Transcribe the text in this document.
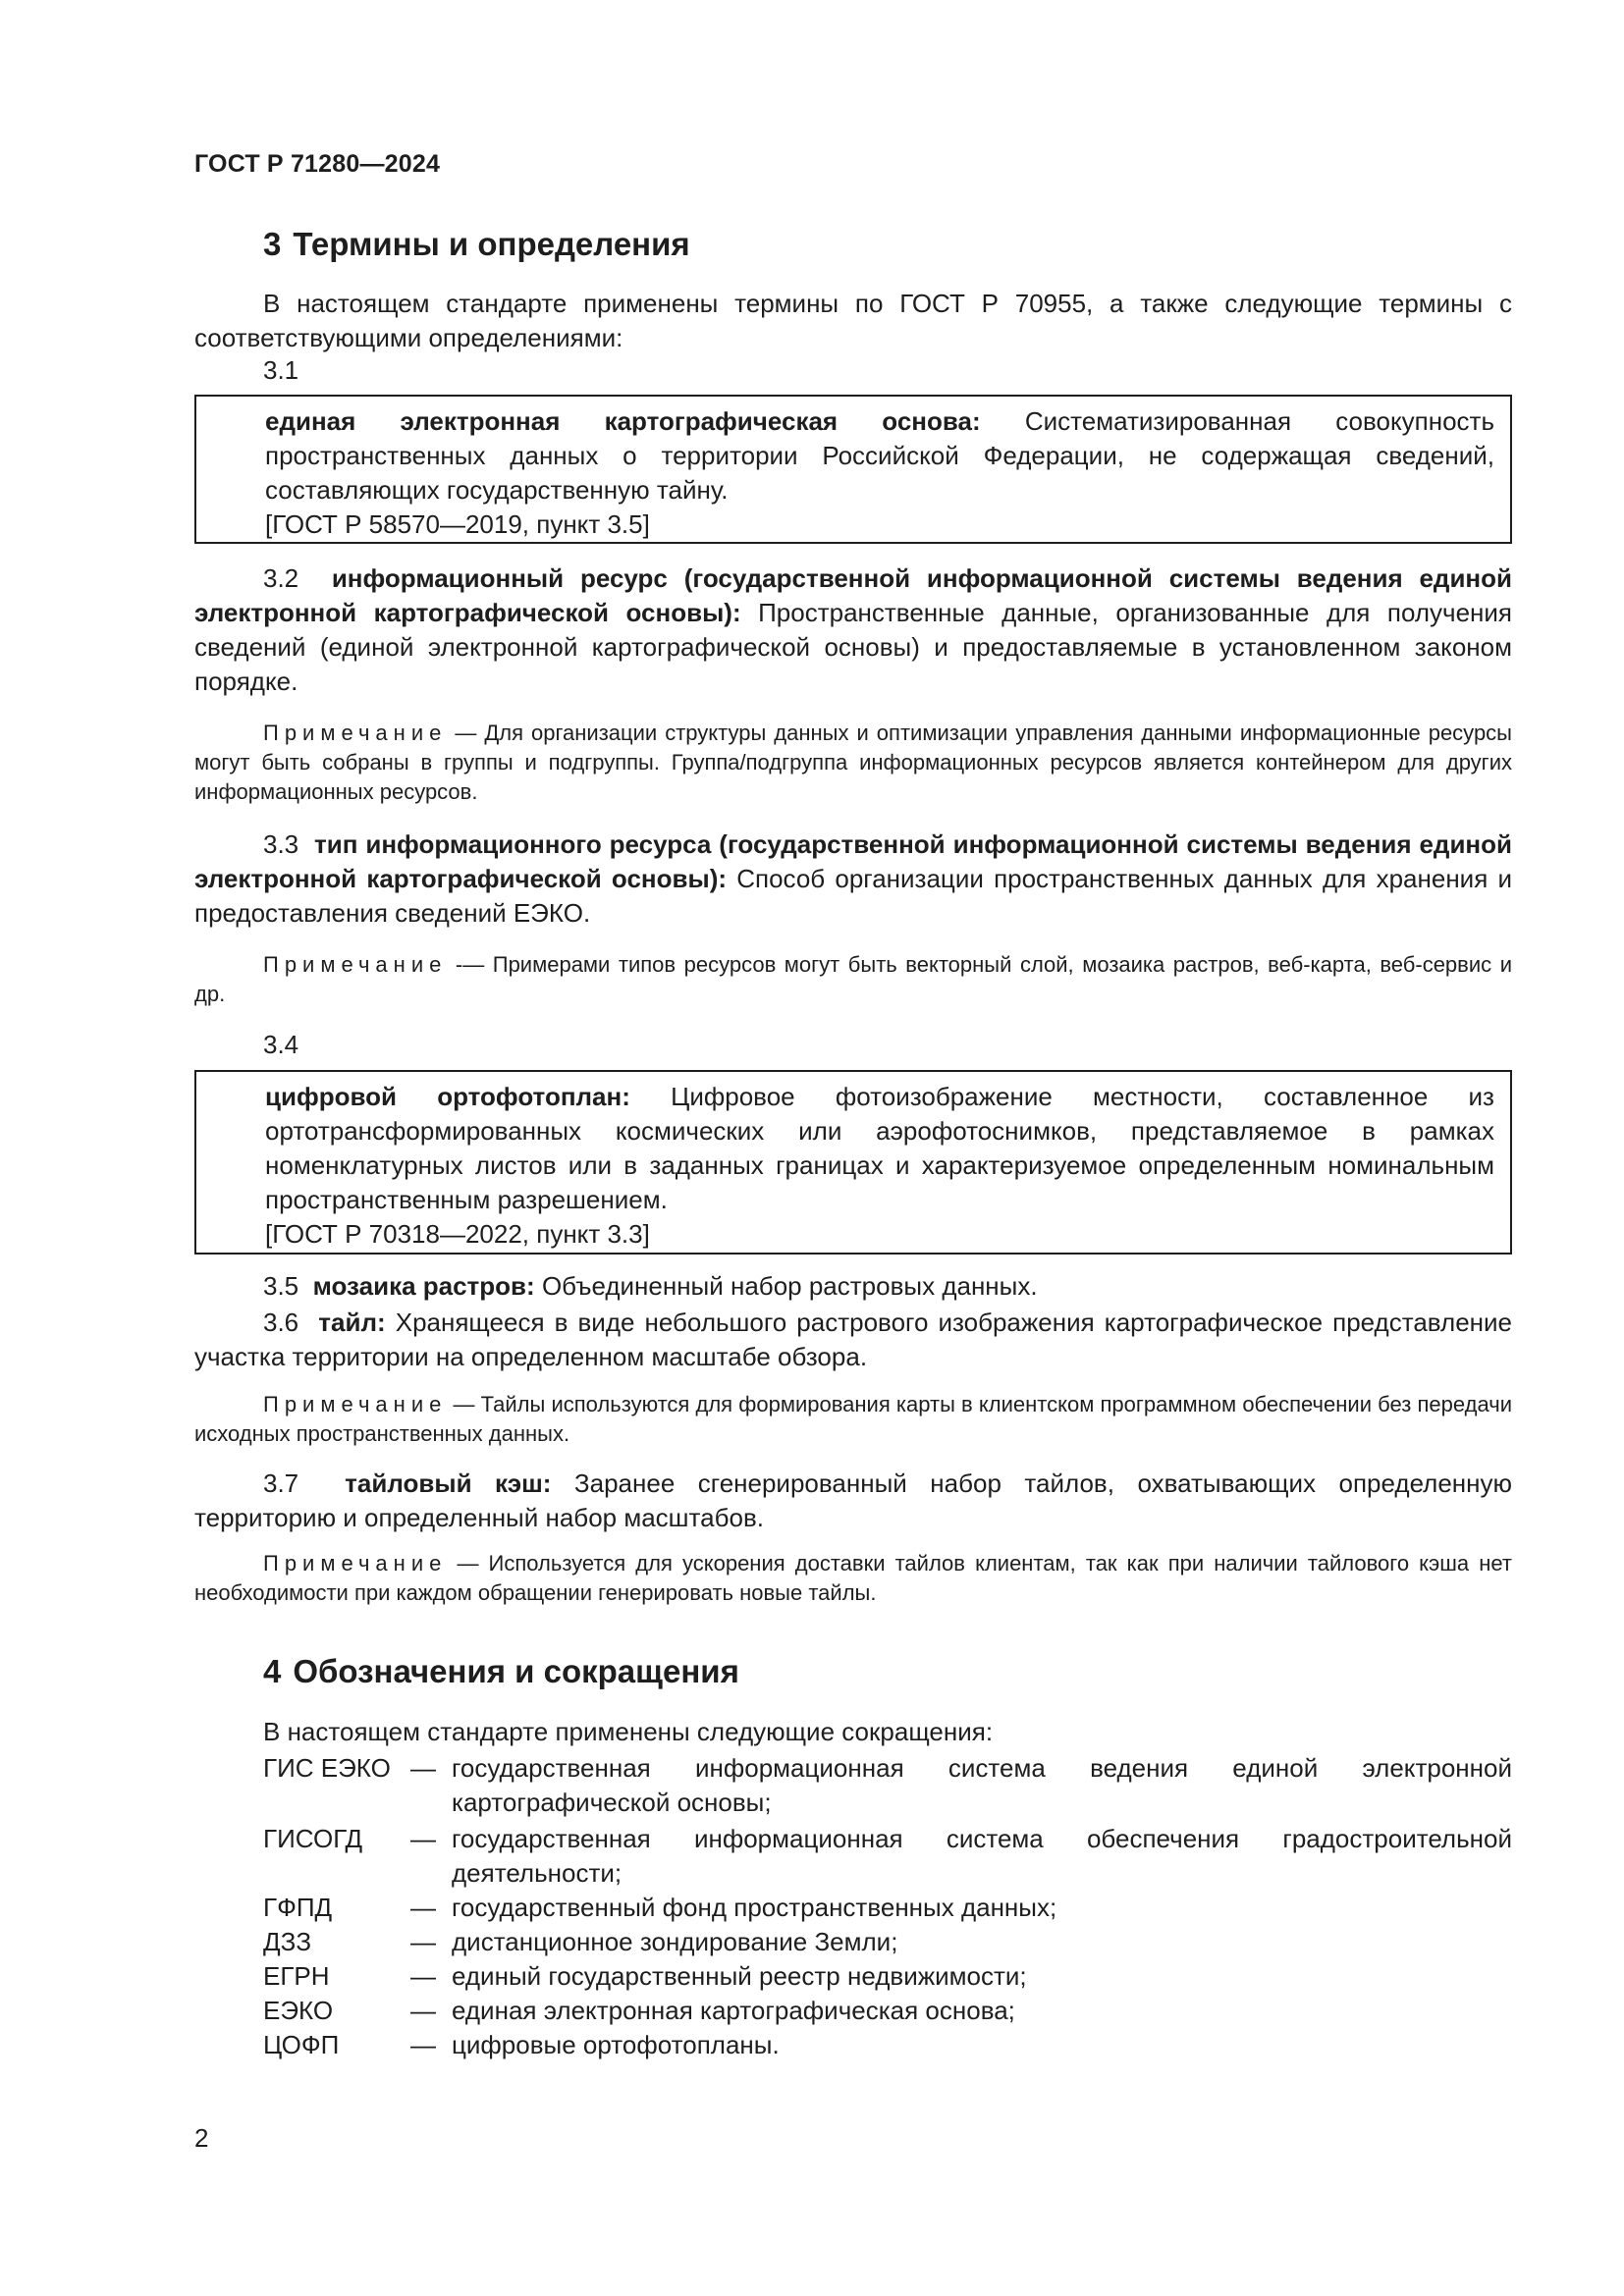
ГОСТ Р 71280—2024
3 Термины и определения

В настоящем стандарте применены термины по ГОСТ Р 70955, а также следующие термины с соответствующими определениями:

3.1

единая электронная картографическая основа: Систематизированная совокупность пространственных данных о территории Российской Федерации, не содержащая сведений, составляющих государственную тайну.

[ГОСТ Р 58570—2019, пункт 3.5]

3.2 информационный ресурс (государственной информационной системы ведения единой электронной картографической основы): Пространственные данные, организованные для получения сведений (единой электронной картографической основы) и предоставляемые в установленном законом порядке.

Примечание — Для организации структуры данных и оптимизации управления данными информационные ресурсы могут быть собраны в группы и подгруппы. Группа/подгруппа информационных ресурсов является контейнером для других информационных ресурсов.

3.3 тип информационного ресурса (государственной информационной системы ведения единой электронной картографической основы): Способ организации пространственных данных для хранения и предоставления сведений ЕЭКО.

Примечание -— Примерами типов ресурсов могут быть векторный слой, мозаика растров, веб-карта, веб-сервис и др.

3.4

цифровой ортофотоплан: Цифровое фотоизображение местности, составленное из ортотрансформированных космических или аэрофотоснимков, представляемое в рамках номенклатурных листов или в заданных границах и характеризуемое определенным номинальным пространственным разрешением.

[ГОСТ Р 70318—2022, пункт 3.3]

3.5 мозаика растров: Объединенный набор растровых данных.

3.6 тайл: Хранящееся в виде небольшого растрового изображения картографическое представление участка территории на определенном масштабе обзора.

Примечание — Тайлы используются для формирования карты в клиентском программном обеспечении без передачи исходных пространственных данных.

3.7 тайловый кэш: Заранее сгенерированный набор тайлов, охватывающих определенную территорию и определенный набор масштабов.

Примечание — Используется для ускорения доставки тайлов клиентам, так как при наличии тайлового кэша нет необходимости при каждом обращении генерировать новые тайлы.

4 Обозначения и сокращения

В настоящем стандарте применены следующие сокращения:

ГИС ЕЭКО — государственная информационная система ведения единой электронной картографической основы;
ГИСОГД	— государственная информационная система обеспечения градостроительной деятельности;
ГФПД	— государственный фонд пространственных данных;
ДЗЗ	— дистанционное зондирование Земли;
ЕГРН	— единый государственный реестр недвижимости;
ЕЭКО	— единая электронная картографическая основа;
ЦОФП	— цифровые ортофотопланы.
2
